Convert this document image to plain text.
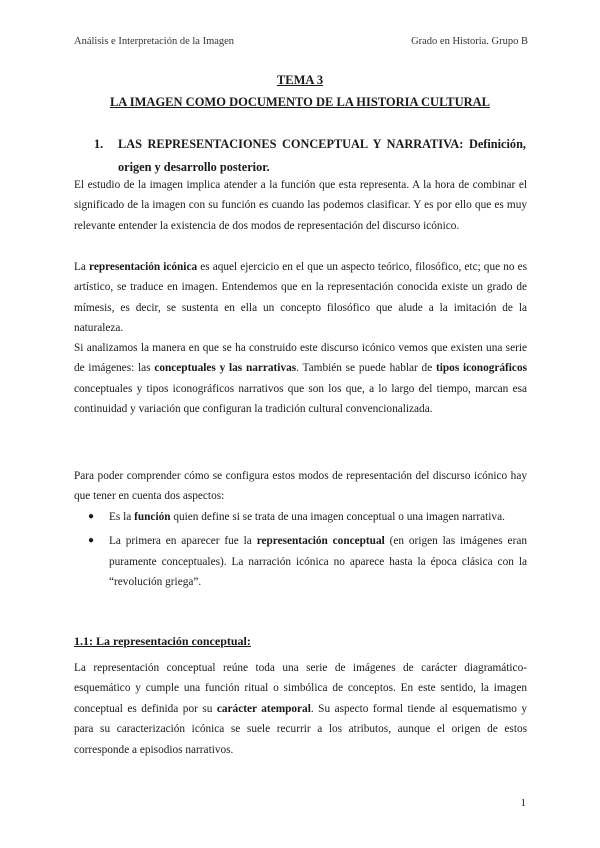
Análisis e Interpretación de la Imagen	Grado en Historia. Grupo B
TEMA 3
LA IMAGEN COMO DOCUMENTO DE LA HISTORIA CULTURAL
1. LAS REPRESENTACIONES CONCEPTUAL Y NARRATIVA: Definición, origen y desarrollo posterior.

El estudio de la imagen implica atender a la función que esta representa. A la hora de combinar el significado de la imagen con su función es cuando las podemos clasificar. Y es por ello que es muy relevante entender la existencia de dos modos de representación del discurso icónico.

La representación icónica es aquel ejercicio en el que un aspecto teórico, filosófico, etc; que no es artístico, se traduce en imagen. Entendemos que en la representación conocida existe un grado de mímesis, es decir, se sustenta en ella un concepto filosófico que alude a la imitación de la naturaleza.

Si analizamos la manera en que se ha construido este discurso icónico vemos que existen una serie de imágenes: las conceptuales y las narrativas. También se puede hablar de tipos iconográficos conceptuales y tipos iconográficos narrativos que son los que, a lo largo del tiempo, marcan esa continuidad y variación que configuran la tradición cultural convencionalizada.

Para poder comprender cómo se configura estos modos de representación del discurso icónico hay que tener en cuenta dos aspectos:

● Es la función quien define si se trata de una imagen conceptual o una imagen narrativa.
● La primera en aparecer fue la representación conceptual (en origen las imágenes eran puramente conceptuales). La narración icónica no aparece hasta la época clásica con la “revolución griega”.
1.1: La representación conceptual:

La representación conceptual reúne toda una serie de imágenes de carácter diagramático-esquemático y cumple una función ritual o simbólica de conceptos. En este sentido, la imagen conceptual es definida por su carácter atemporal. Su aspecto formal tiende al esquematismo y para su caracterización icónica se suele recurrir a los atributos, aunque el origen de estos corresponde a episodios narrativos.

1
